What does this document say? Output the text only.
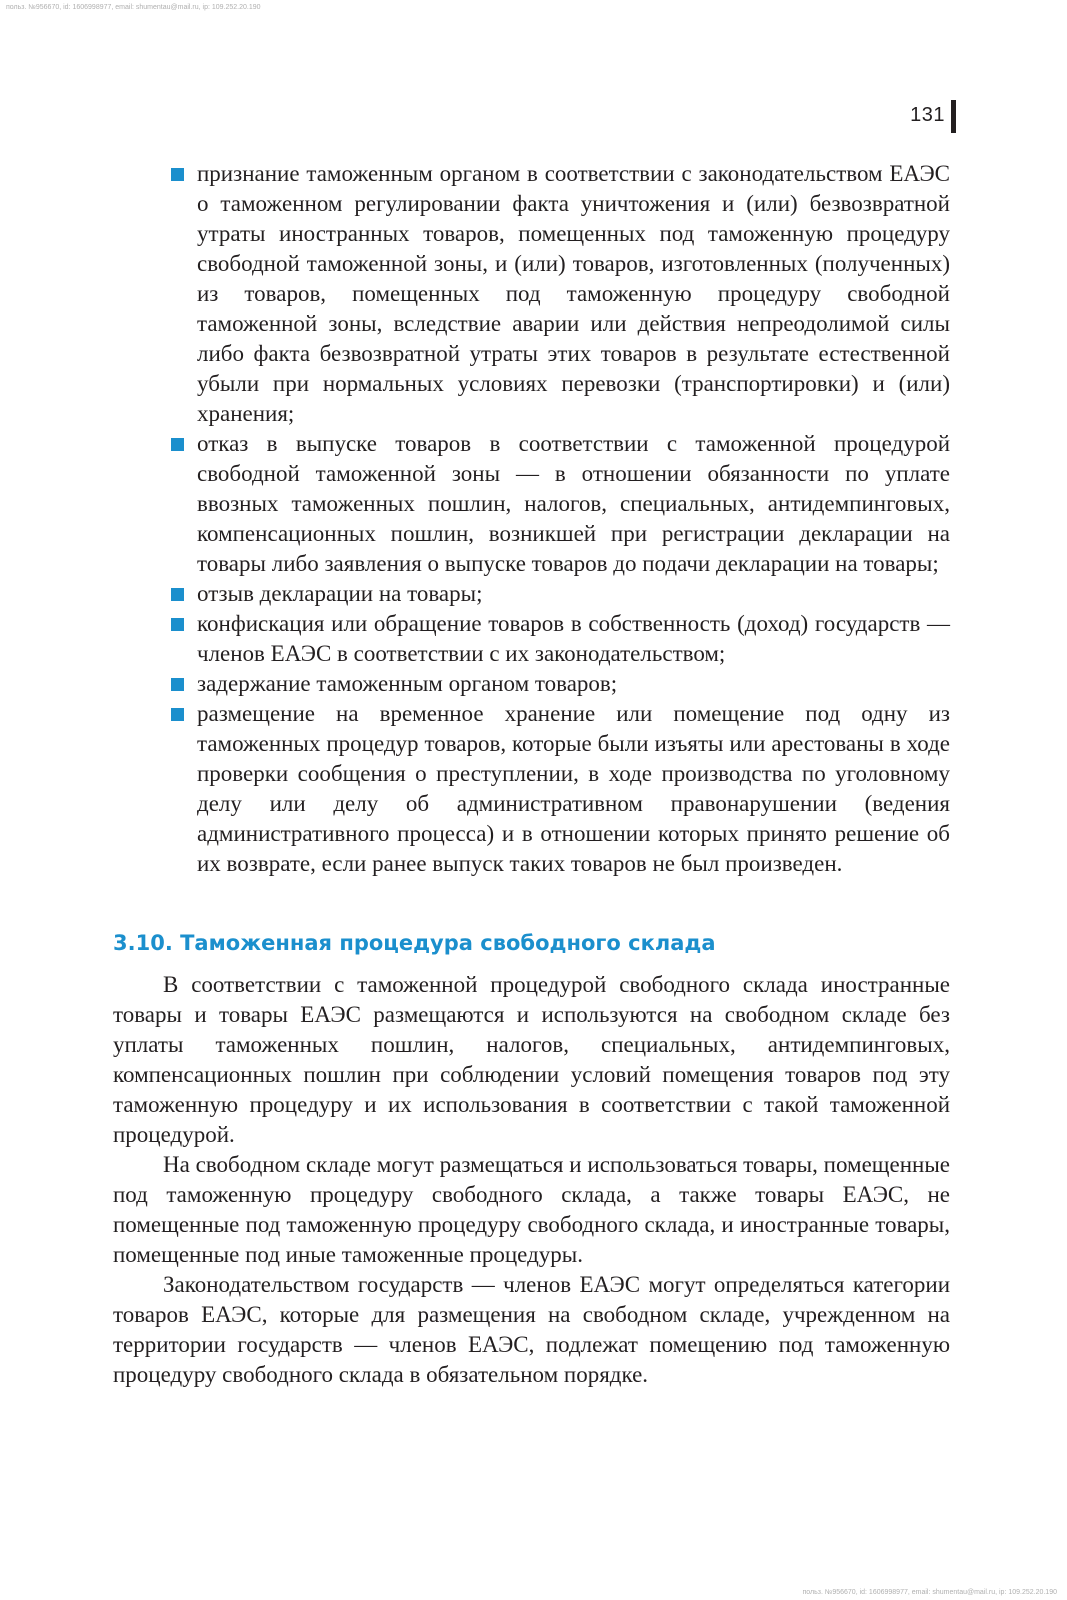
польз. №956670, id: 1606998977, email: shumentau@mail.ru, ip: 109.252.20.190
131
признание таможенным органом в соответствии с законодательством ЕАЭС о таможенном регулировании факта уничтожения и (или) безвозвратной утраты иностранных товаров, помещенных под таможенную процедуру свободной таможенной зоны, и (или) товаров, изготовленных (полученных) из товаров, помещенных под таможенную процедуру свободной таможенной зоны, вследствие аварии или действия непреодолимой силы либо факта безвозвратной утраты этих товаров в результате естественной убыли при нормальных условиях перевозки (транспортировки) и (или) хранения;
отказ в выпуске товаров в соответствии с таможенной процедурой свободной таможенной зоны — в отношении обязанности по уплате ввозных таможенных пошлин, налогов, специальных, антидемпинговых, компенсационных пошлин, возникшей при регистрации декларации на товары либо заявления о выпуске товаров до подачи декларации на товары;
отзыв декларации на товары;
конфискация или обращение товаров в собственность (доход) государств — членов ЕАЭС в соответствии с их законодательством;
задержание таможенным органом товаров;
размещение на временное хранение или помещение под одну из таможенных процедур товаров, которые были изъяты или арестованы в ходе проверки сообщения о преступлении, в ходе производства по уголовному делу или делу об административном правонарушении (ведения административного процесса) и в отношении которых принято решение об их возврате, если ранее выпуск таких товаров не был произведен.
3.10. Таможенная процедура свободного склада

В соответствии с таможенной процедурой свободного склада иностранные товары и товары ЕАЭС размещаются и используются на свободном складе без уплаты таможенных пошлин, налогов, специальных, антидемпинговых, компенсационных пошлин при соблюдении условий помещения товаров под эту таможенную процедуру и их использования в соответствии с такой таможенной процедурой.

На свободном складе могут размещаться и использоваться товары, помещенные под таможенную процедуру свободного склада, а также товары ЕАЭС, не помещенные под таможенную процедуру свободного склада, и иностранные товары, помещенные под иные таможенные процедуры.

Законодательством государств — членов ЕАЭС могут определяться категории товаров ЕАЭС, которые для размещения на свободном складе, учрежденном на территории государств — членов ЕАЭС, подлежат помещению под таможенную процедуру свободного склада в обязательном порядке.

польз. №956670, id: 1606998977, email: shumentau@mail.ru, ip: 109.252.20.190
